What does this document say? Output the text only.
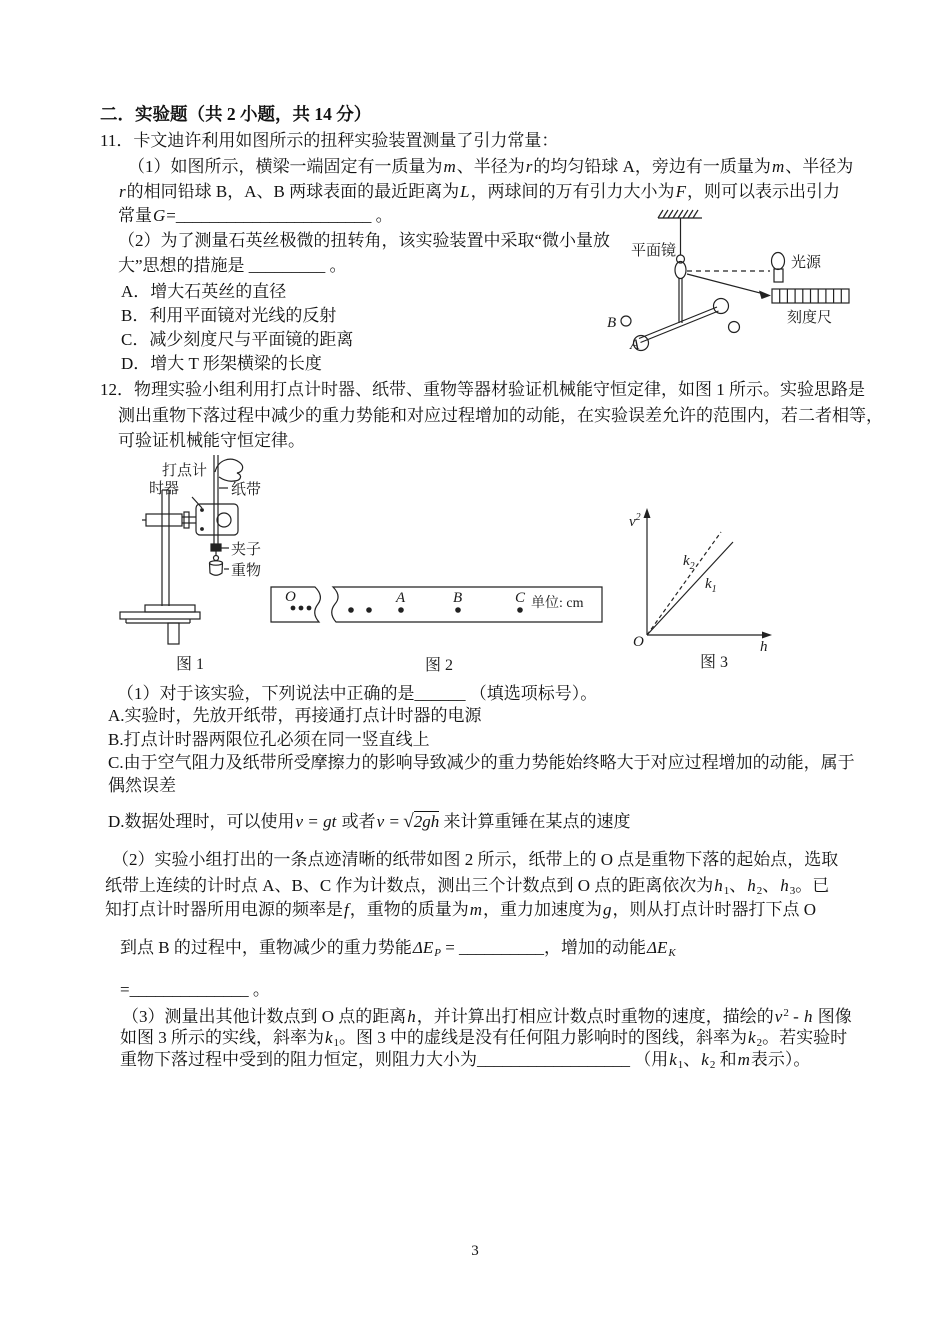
二．实验题（共 2 小题，共 14 分）
11．卡文迪许利用如图所示的扭秤实验装置测量了引力常量：
（1）如图所示，横梁一端固定有一质量为m、半径为r的均匀铅球 A，旁边有一质量为m、半径为
r的相同铅球 B，A、B 两球表面的最近距离为L，两球间的万有引力大小为F，则可以表示出引力
常量G=_______________________ 。
（2）为了测量石英丝极微的扭转角，该实验装置中采取“微小量放
大”思想的措施是 _________ 。
A．增大石英丝的直径
B．利用平面镜对光线的反射
C．减少刻度尺与平面镜的距离
D．增大 T 形架横梁的长度
平面镜
光源
刻度尺
B
A
12．物理实验小组利用打点计时器、纸带、重物等器材验证机械能守恒定律，如图 1 所示。实验思路是
测出重物下落过程中减少的重力势能和对应过程增加的动能，在实验误差允许的范围内，若二者相等，
可验证机械能守恒定律。
打点计
时器	纸带
夹子
重物
图 1
O	A	B	C 单位: cm
图 2
$v^2$
O	h
$k_2$
$k_1$
图 3
（1）对于该实验，下列说法中正确的是______ （填选项标号）。
A.实验时，先放开纸带，再接通打点计时器的电源
B.打点计时器两限位孔必须在同一竖直线上
C.由于空气阻力及纸带所受摩擦力的影响导致减少的重力势能始终略大于对应过程增加的动能，属于
偶然误差
D.数据处理时，可以使用v = gt 或者v = √2gh 来计算重锤在某点的速度
（2）实验小组打出的一条点迹清晰的纸带如图 2 所示，纸带上的 O 点是重物下落的起始点，选取
纸带上连续的计时点 A、B、C 作为计数点，测出三个计数点到 O 点的距离依次为h1、h2、h3。已
知打点计时器所用电源的频率是f，重物的质量为m，重力加速度为g，则从打点计时器打下点 O
到点 B 的过程中，重物减少的重力势能ΔEP = __________，增加的动能ΔEK
=______________ 。
（3）测量出其他计数点到 O 点的距离h，并计算出打相应计数点时重物的速度，描绘的$v^2$ - h 图像
如图 3 所示的实线，斜率为k1。图 3 中的虚线是没有任何阻力影响时的图线，斜率为k2。若实验时
重物下落过程中受到的阻力恒定，则阻力大小为__________________ （用k1、k2 和m表示）。
3
